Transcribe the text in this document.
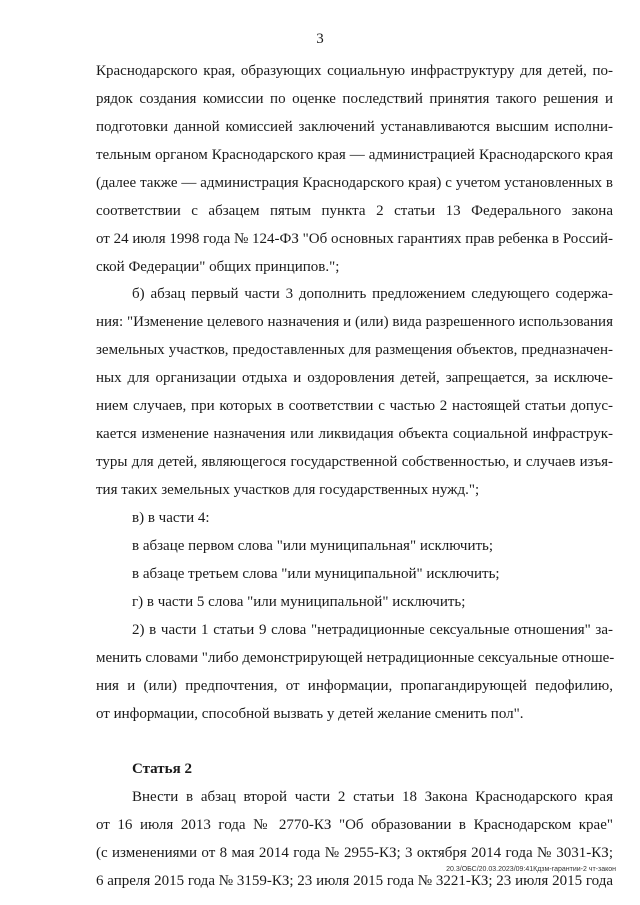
3
Краснодарского края, образующих социальную инфраструктуру для детей, по-
рядок создания комиссии по оценке последствий принятия такого решения и
подготовки данной комиссией заключений устанавливаются высшим исполни-
тельным органом Краснодарского края — администрацией Краснодарского края
(далее также — администрация Краснодарского края) с учетом установленных в
соответствии с абзацем пятым пункта 2 статьи 13 Федерального закона
от 24 июля 1998 года № 124-ФЗ "Об основных гарантиях прав ребенка в Россий-
ской Федерации" общих принципов.";
б) абзац первый части 3 дополнить предложением следующего содержа-
ния: "Изменение целевого назначения и (или) вида разрешенного использования
земельных участков, предоставленных для размещения объектов, предназначен-
ных для организации отдыха и оздоровления детей, запрещается, за исключе-
нием случаев, при которых в соответствии с частью 2 настоящей статьи допус-
кается изменение назначения или ликвидация объекта социальной инфраструк-
туры для детей, являющегося государственной собственностью, и случаев изъя-
тия таких земельных участков для государственных нужд.";
в) в части 4:
в абзаце первом слова "или муниципальная" исключить;
в абзаце третьем слова "или муниципальной" исключить;
г) в части 5 слова "или муниципальной" исключить;
2) в части 1 статьи 9 слова "нетрадиционные сексуальные отношения" за-
менить словами "либо демонстрирующей нетрадиционные сексуальные отноше-
ния и (или) предпочтения, от информации, пропагандирующей педофилию,
от информации, способной вызвать у детей желание сменить пол".
Статья 2
Внести в абзац второй части 2 статьи 18 Закона Краснодарского края
от 16 июля 2013 года № 2770-КЗ "Об образовании в Краснодарском крае"
(с изменениями от 8 мая 2014 года № 2955-КЗ; 3 октября 2014 года № 3031-КЗ;
6 апреля 2015 года № 3159-КЗ; 23 июля 2015 года № 3221-КЗ; 23 июля 2015 года
20.3/ОБС/20.03.2023/09:41Кдзм-гарантии-2 чт-закон
